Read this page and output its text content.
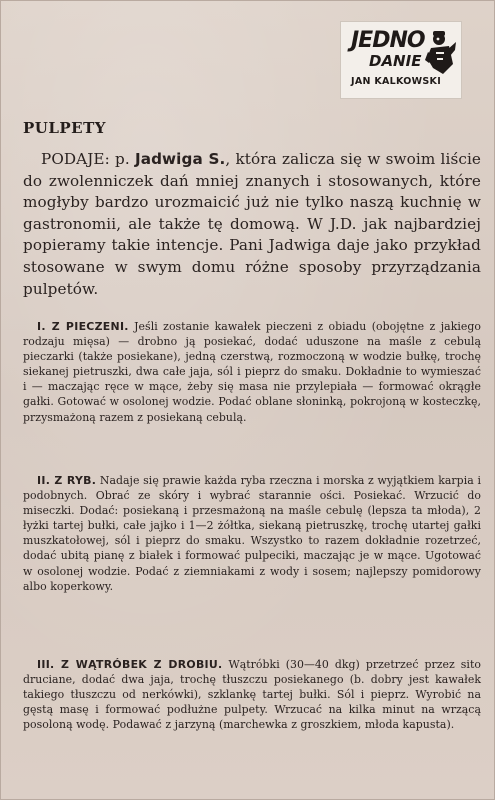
JEDNO
DANIE
JAN KALKOWSKI
PULPETY

PODAJE: p. Jadwiga S., która zalicza się w swoim liście do zwolenniczek dań mniej znanych i stosowanych, które mogłyby bardzo urozmaicić już nie tylko naszą kuchnię w gastronomii, ale także tę domową. W J.D. jak najbardziej popieramy takie intencje. Pani Jadwiga daje jako przykład stosowane w swym domu różne sposoby przyrządzania pulpetów.

I. Z PIECZENI. Jeśli zostanie kawałek pieczeni z obiadu (obojętne z jakiego rodzaju mięsa) — drobno ją posiekać, dodać uduszone na maśle z cebulą pieczarki (także posiekane), jedną czerstwą, rozmoczoną w wodzie bułkę, trochę siekanej pietruszki, dwa całe jaja, sól i pieprz do smaku. Dokładnie to wymieszać i — maczając ręce w mące, żeby się masa nie przylepiała — formować okrągłe gałki. Gotować w osolonej wodzie. Podać oblane słoninką, pokrojoną w kosteczkę, przysmażoną razem z posiekaną cebulą.

II. Z RYB. Nadaje się prawie każda ryba rzeczna i morska z wyjątkiem karpia i podobnych. Obrać ze skóry i wybrać starannie ości. Posiekać. Wrzucić do miseczki. Dodać: posiekaną i przesmażoną na maśle cebulę (lepsza ta młoda), 2 łyżki tartej bułki, całe jajko i 1—2 żółtka, siekaną pietruszkę, trochę utartej gałki muszkatołowej, sól i pieprz do smaku. Wszystko to razem dokładnie rozetrzeć, dodać ubitą pianę z białek i formować pulpeciki, maczając je w mące. Ugotować w osolonej wodzie. Podać z ziemniakami z wody i sosem; najlepszy pomidorowy albo koperkowy.

III. Z WĄTRÓBEK Z DROBIU. Wątróbki (30—40 dkg) przetrzeć przez sito druciane, dodać dwa jaja, trochę tłuszczu posiekanego (b. dobry jest kawałek takiego tłuszczu od nerkówki), szklankę tartej bułki. Sól i pieprz. Wyrobić na gęstą masę i formować podłużne pulpety. Wrzucać na kilka minut na wrzącą posoloną wodę. Podawać z jarzyną (marchewka z groszkiem, młoda kapusta).
